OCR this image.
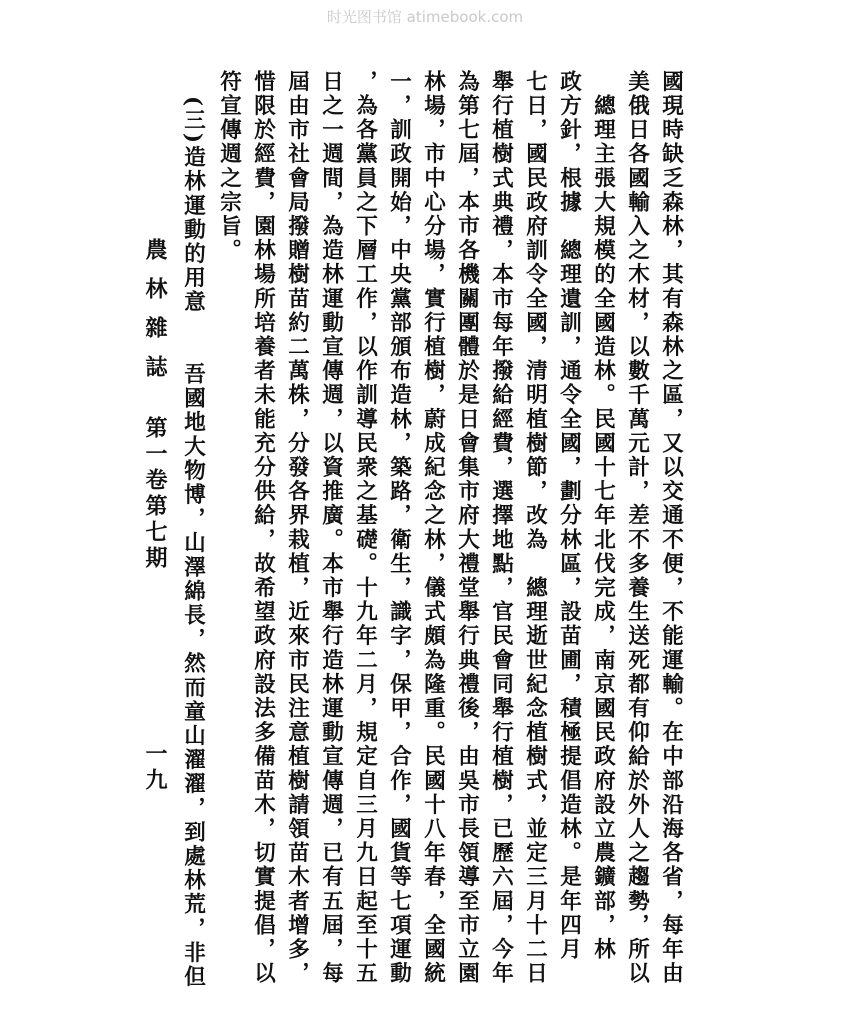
时光图书馆 atimebook.com
國現時缺乏森林，其有森林之區，又以交通不便，不能運輸。在中部沿海各省，每年由
美俄日各國輸入之木材，以數千萬元計，差不多養生送死都有仰給於外人之趨勢，所以
　總理主張大規模的全國造林。民國十七年北伐完成，南京國民政府設立農鑛部，林
政方針，根據　總理遺訓，通令全國，劃分林區，設苗圃，積極提倡造林。是年四月
七日，國民政府訓令全國，清明植樹節，改為　總理逝世紀念植樹式，並定三月十二日
舉行植樹式典禮，本市每年撥給經費，選擇地點，官民會同舉行植樹，已歷六屆，今年
為第七屆，本市各機關團體於是日會集市府大禮堂舉行典禮後，由吳市長領導至市立園
林場，市中心分場，實行植樹，蔚成紀念之林，儀式頗為隆重。民國十八年春，全國統
一，訓政開始，中央黨部頒布造林，築路，衛生，識字，保甲，合作，國貨等七項運動
，為各黨員之下層工作，以作訓導民衆之基礎。十九年二月，規定自三月九日起至十五
日之一週間，為造林運動宣傳週，以資推廣。本市舉行造林運動宣傳週，已有五屆，每
屆由市社會局撥贈樹苗約二萬株，分發各界栽植，近來市民注意植樹請領苗木者增多，
惜限於經費，園林場所培養者未能充分供給，故希望政府設法多備苗木，切實提倡，以
符宣傳週之宗旨。
(三)造林運動的用意　　吾國地大物博，山澤綿長，然而童山濯濯，到處林荒，非但
農林雜誌第一卷第七期
一九
